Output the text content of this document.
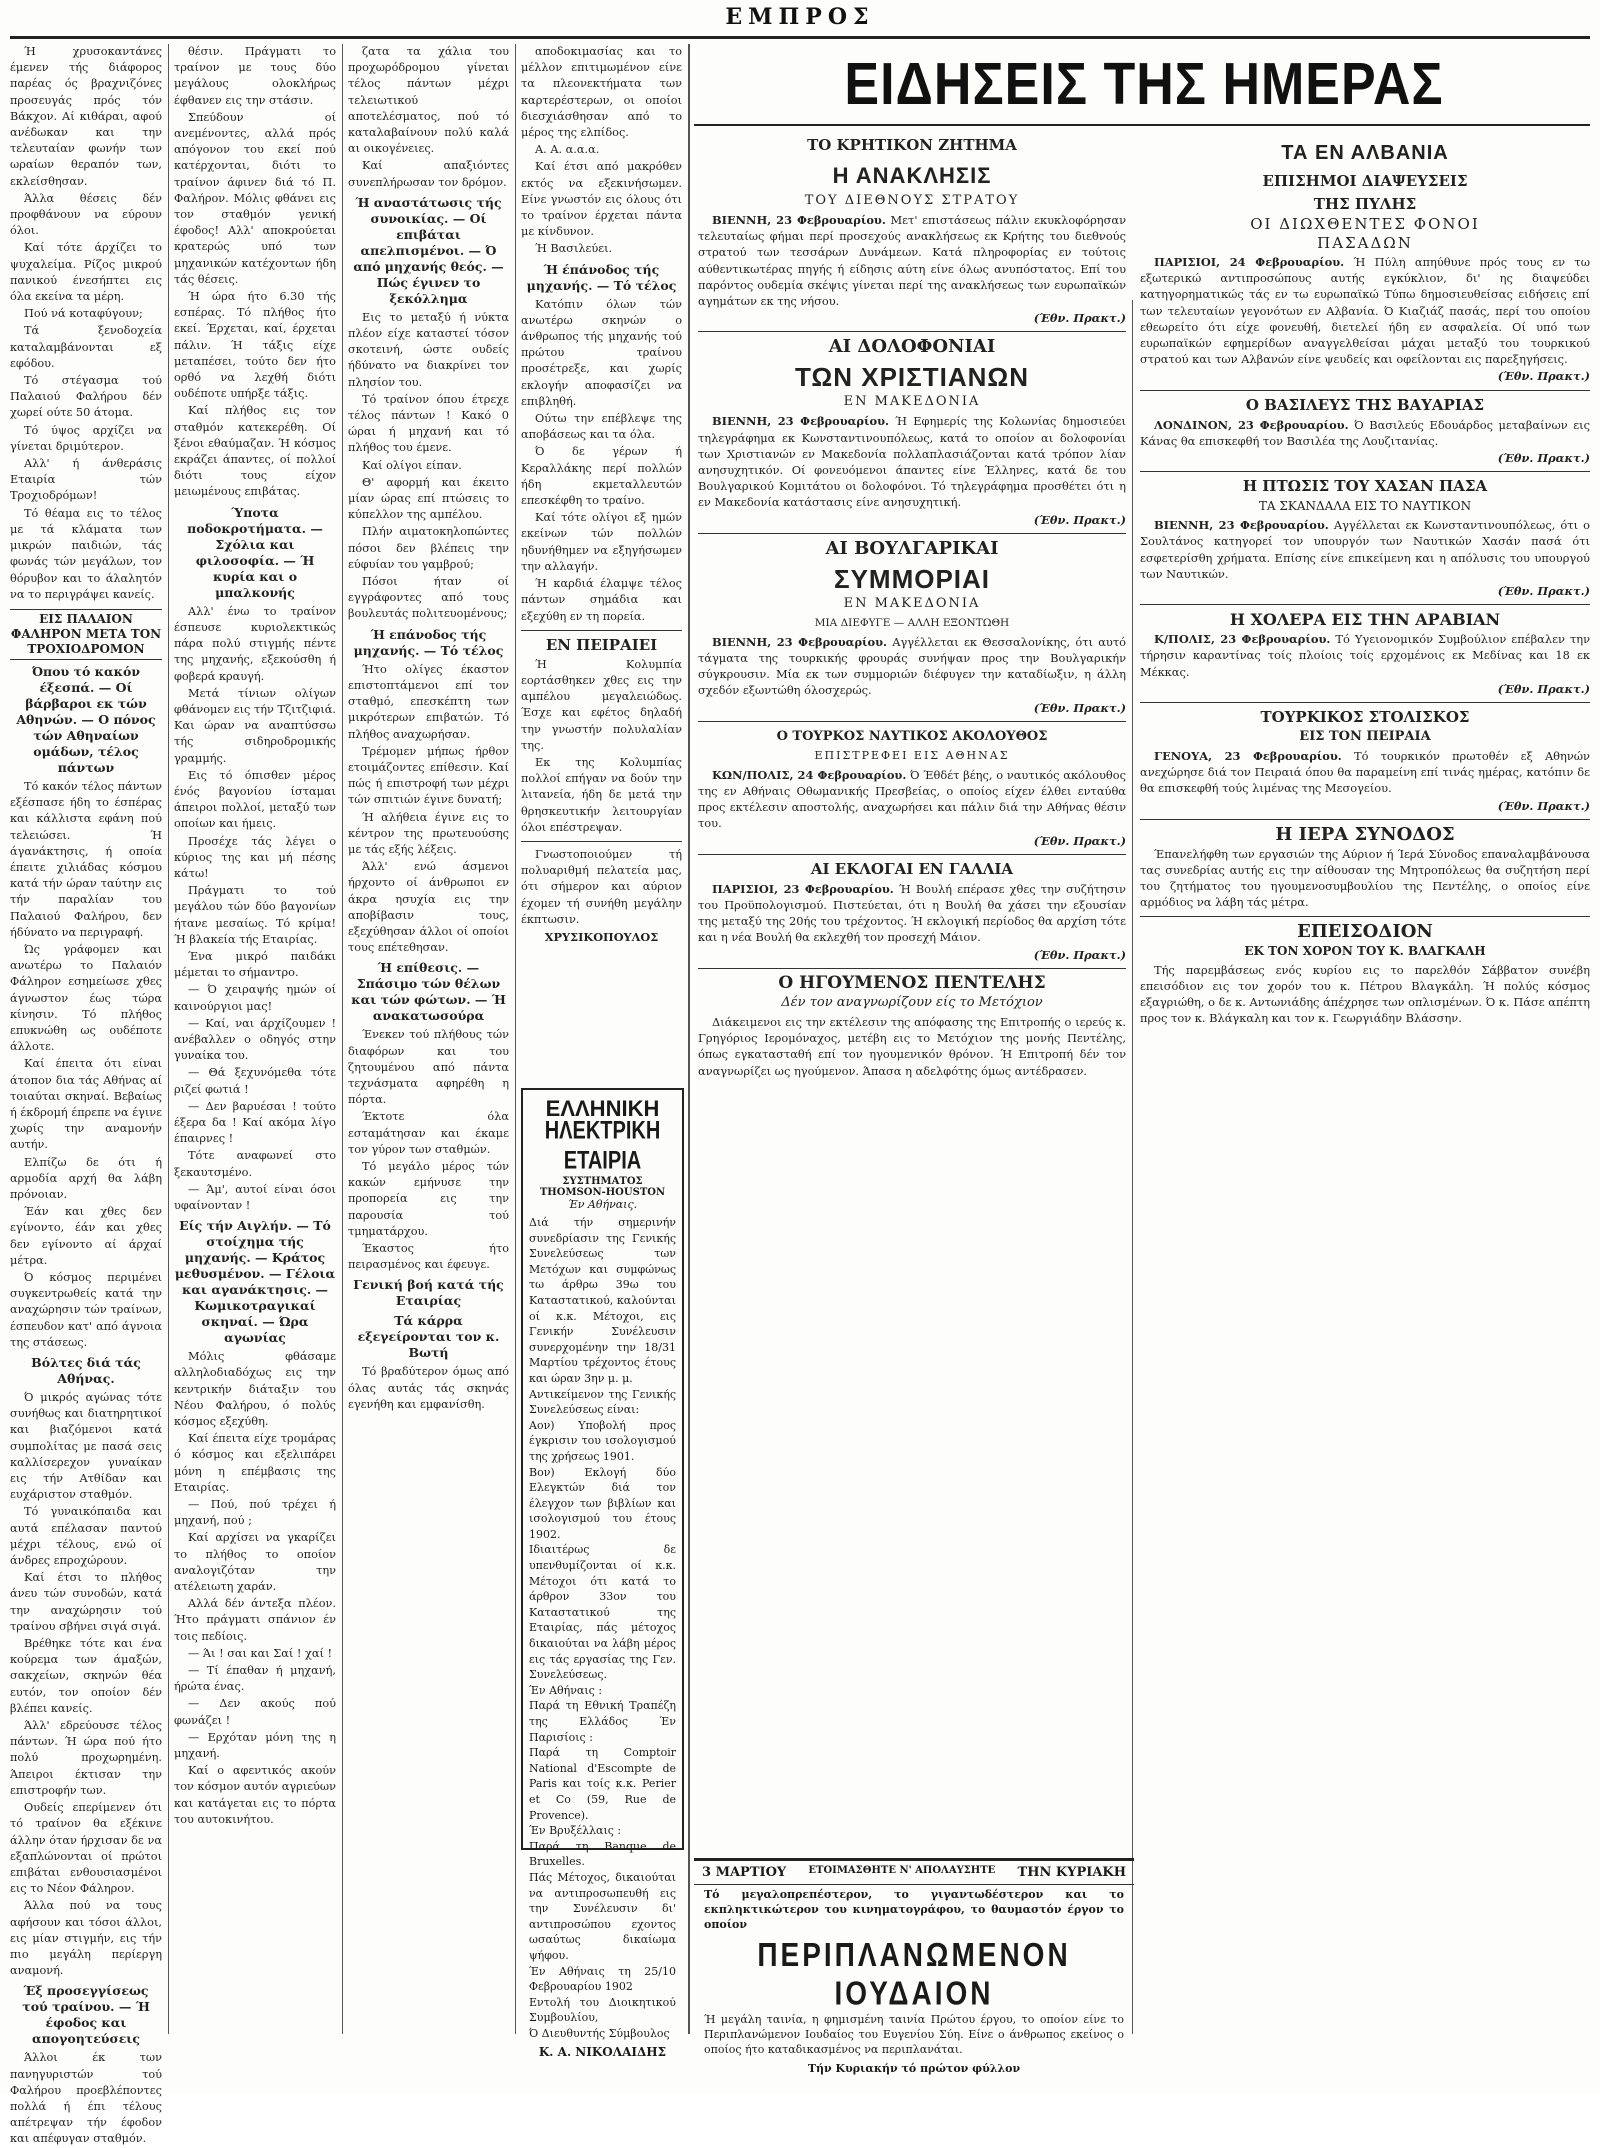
ΕΜΠΡΟΣ

Ή χρυσοκαντάνες έμενεν τής διάφορος παρέας ός βραχνιζόνες προσευγάς πρός τόν Βάκχον. Αί κιθάραι, αφού ανέδωκαν και την τελευταίαν φωνήν των ωραίων θεραπόν των, εκλείσθησαν.

Άλλα θέσεις δέν προφθάνουν να εύρουν όλοι.

Καί τότε άρχίζει το ψυχαλείμα. Ρίζος μικρού πανικού ένεσήπτει εις όλα εκείνα τα μέρη.

Πού νά κοταφύγουν;

Τά ξενοδοχεία καταλαμβάνονται εξ εφόδου.

Τό στέγασμα τού Παλαιού Φαλήρου δέν χωρεί ούτε 50 άτομα.

Τό ύψος αρχίζει να γίνεται δριμύτερον.

Αλλ' ή άνθεράσις Εταιρία τών Τροχιοδρόμων!

Τό θέαμα εις το τέλος με τά κλάματα των μικρών παιδιών, τάς φωνάς τών μεγάλων, τον θόρυβον και το άλαλητόν να το περιγράψει κανείς.

ΕΙΣ ΠΑΛΑΙΟΝ ΦΑΛΗΡΟΝ ΜΕΤΑ ΤΟΝ ΤΡΟΧΙΟΔΡΟΜΟΝ
Όπου τό κακόν έξεσπά. — Οί βάρβαροι εκ τών Αθηνών. — Ο πόνος τών Αθηναίων ομάδων, τέλος πάντων

Τό κακόν τέλος πάντων εξέσπασε ήδη το έσπέρας και κάλλιστα εφάνη πού τελειώσει. Ή άγανάκτησις, ή οποία έπειτε χιλιάδας κόσμου κατά τήν ώραν ταύτην εις τήν παραλίαν του Παλαιού Φαλήρου, δεν ήδύνατο να περιγραφή.

Ώς γράφομεν και ανωτέρω το Παλαιόν Φάληρον εσημείωσε χθες άγνωστον έως τώρα κίνησιν. Τό πλήθος επυκνώθη ως ουδέποτε άλλοτε.

Καί έπειτα ότι είναι άτοπον δια τάς Αθήνας αί τοιαύται σκηναί. Βεβαίως ή έκδρομή έπρεπε να έγινε χωρίς την αναμονήν αυτήν.

Ελπίζω δε ότι ή αρμοδία αρχή θα λάβη πρόνοιαν.

Έάν και χθες δεν εγίνοντο, έάν και χθες δεν εγίνοντο αί άρχαί μέτρα.

Ό κόσμος περιμένει συγκεντρωθείς κατά την αναχώρησιν τών τραίνων, έσπευδον κατ' από άγνοια της στάσεως.

Βόλτες διά τάς Αθήνας.

Ό μικρός αγώνας τότε συνήθως και διατηρητικοί και βιαζόμενοι κατά συμπολίτας με πασά σεις καλλίσερεχον γυναίκαν εις τήν Ατθίδαν και ευχάριστον σταθμόν.

Τό γυναικόπαιδα και αυτά επέλασαν παντού μέχρι τέλους, ενώ οί άνδρες επροχώρουν.

Καί έτσι το πλήθος άνευ τών συνοδών, κατά την αναχώρησιν τού τραίνου σβήνει σιγά σιγά.

Βρέθηκε τότε και ένα κούρεμα των άμαξών, σακχείων, σκηνών θέα ευτόν, τον οποίον δέν βλέπει κανείς.

Άλλ' εδρεύουσε τέλος πάντων. Ή ώρα πού ήτο πολύ προχωρημένη. Άπειροι έκτισαν την επιστροφήν των.

Ουδείς επερίμενεν ότι τό τραίνον θα εξέκινε άλλην όταν ήρχισαν δε να εξαπλώνονται οί πρώτοι επιβάται ενθουσιασμένοι εις το Νέον Φάληρον.

Άλλα πού να τους αφήσουν και τόσοι άλλοι, εις μίαν στιγμήν, εις τήν πιο μεγάλη περίεργη αναμονή.

Έξ προσεγγίσεως τού τραίνου. — Ή έφοδος και απογοητεύσεις

Άλλοι έκ των πανηγυριστών τού Φαλήρου προεβλέποντες πολλά ή έπι τέλους απέτρεψαν τήν έφοδον και απέφυγαν σταθμόν.

θέσιν. Πράγματι το τραίνον με τους δύο μεγάλους ολοκλήρως έφθανεν εις την στάσιν.

Σπεύδουν οί ανεμένοντες, αλλά πρός απόγονον του εκεί πού κατέρχονται, διότι το τραίνον άφινεν διά τό Π. Φαλήρον. Μόλις φθάνει εις τον σταθμόν γενική έφοδος! Αλλ' αποκρούεται κρατερώς υπό των μηχανικών κατέχοντων ήδη τάς θέσεις.

Ή ώρα ήτο 6.30 τής εσπέρας. Τό πλήθος ήτο εκεί. Έρχεται, καί, έρχεται πάλιν. Ή τάξις είχε μεταπέσει, τούτο δεν ήτο ορθό να λεχθή διότι ουδέποτε υπήρξε τάξις.

Καί πλήθος εις τον σταθμόν κατεκερέθη. Οί ξένοι εθαύμαζαν. Ή κόσμος εκράζει άπαντες, οί πολλοί διότι τους είχον μειωμένους επιβάτας.

Ύποτα ποδοκροτήματα. — Σχόλια και φιλοσοφία. — Ή κυρία και ο μπαλκονής

Αλλ' ένω το τραίνον έσπευσε κυριολεκτικώς πάρα πολύ στιγμής πέντε της μηχανής, εξεκούσθη ή φοβερά κραυγή.

Μετά τίνιων ολίγων φθάνομεν εις τήν Τζιτζιφιά. Και ώραν να αναπτύσσω τής σιδηροδρομικής γραμμής.

Εις τό όπισθεν μέρος ένός βαγονίου ίσταμαι άπειροι πολλοί, μεταξύ των οποίων και ήμεις.

Προσέχε τάς λέγει ο κύριος της και μή πέσης κάτω!

Πράγματι το τού μεγάλου τών δύο βαγονίων ήτανε μεσαίως. Τό κρίμα! Ή βλακεία τής Εταιρίας.

Ένα μικρό παιδάκι μέμεται το σήμαντρο.

— Ό χειραψής ημών οί καινούργιοι μας!

— Καί, ναι άρχίζουμεν ! ανέβαλλεν ο οδηγός στην γυναίκα του.

— Θά ξεχυνόμεθα τότε ριζεί φωτιά !

— Δεν βαρυέσαι ! τούτο έξερα δα ! Καί ακόμα λίγο έπαιρνες !

Τότε αναφωνεί στο ξεκαυτσμένο.

— Άμ', αυτοί είναι όσοι υφαίνονταν !

Είς τήν Αιγλήν. — Τό στοίχημα τής μηχανής. — Κράτος μεθυσμένον. — Γέλοια και αγανάκτησις. — Κωμικοτραγικαί σκηναί. — Ώρα αγωνίας

Μόλις φθάσαμε αλληλοδιαδόχως εις την κεντρικήν διάταξιν του Νέου Φαλήρου, ό πολύς κόσμος εξεχύθη.

Καί έπειτα είχε τρομάρας ό κόσμος και εξελιπάρει μόνη η επέμβασις της Εταιρίας.

— Πού, πού τρέχει ή μηχανή, πού ;

Καί αρχίσει να γκαρίζει το πλήθος το οποίον αναλογιζόταν την ατέλειωτη χαράν.

Αλλά δέν άντεξα πλέον. Ήτο πράγματι σπάνιον έν τοις πεδίοις.

— Άι ! σαι και Σαί ! χαί !

— Τί έπαθαν ή μηχανή, ήρώτα ένας.

— Δεν ακούς πού φωνάζει !

— Ερχόταν μόνη της η μηχανή.

Καί ο αφεντικός ακούν τον κόσμον αυτόν αγριεύων και κατάγεται εις το πόρτα του αυτοκινήτου.

ζατα τα χάλια του προχωρόδρομου γίνεται τέλος πάντων μέχρι τελειωτικού αποτελέσματος, πού τό καταλαβαίνουν πολύ καλά αι οικογένειες.

Καί απαξιόντες συνεπλήρωσαν τον δρόμον.

Ή αναστάτωσις τής συνοικίας. — Οί επιβάται απελπισμένοι. — Ό από μηχανής θεός. — Πώς έγινεν το ξεκόλλημα

Εις το μεταξύ ή νύκτα πλέον είχε καταστεί τόσον σκοτεινή, ώστε ουδείς ήδύνατο να διακρίνει τον πλησίον του.

Τό τραίνον όπου έτρεχε τέλος πάντων ! Κακό 0 ώραι ή μηχανή και τό πλήθος του έμενε.

Καί ολίγοι είπαν.

Θ' αφορμή και έκειτο μίαν ώρας επί πτώσεις το κύπελλον της αμπέλου.

Πλήν αιματοκηλοπώντες πόσοι δεν βλέπεις την εύφυίαν του γαμβρού;

Πόσοι ήταν οί εγγράφοντες από τους βουλευτάς πολιτευομένους;

Ή επάνοδος τής μηχανής. — Τό τέλος

Ήτο ολίγες έκαστον επιστοπτάμενοι επί τον σταθμό, επεσκέπτη των μικρότερων επιβατών. Τό πλήθος αναχωρήσαν.

Τρέμομεν μήπως ήρθον ετοιμάζοντες επίθεσιν. Καί πώς ή επιστροφή των μέχρι τών σπιτιών έγινε δυνατή;

Ή αλήθεια έγινε εις το κέντρον της πρωτευούσης με τάς εξής λέξεις.

Άλλ' ενώ άσμενοι ήρχοντο οί άνθρωποι εν άκρα ησυχία εις την αποβίβασιν τους, εξεχύθησαν άλλοι οί οποίοι τους επέτεθησαν.

Ή επίθεσις. — Σπάσιμο τών θέλων και τών φώτων. — Ή ανακατωσούρα

Ένεκεν τού πλήθους τών διαφόρων και του ζητουμένου από πάντα τεχνάσματα αφηρέθη η πόρτα.

Έκτοτε όλα εσταμάτησαν και έκαμε τον γύρον των σταθμών.

Τό μεγάλο μέρος τών κακών εμήνυσε την προπορεία εις την παρουσία τού τμηματάρχου.

Έκαστος ήτο πειρασμένος και έφευγε.

Γενική βοή κατά τής Εταιρίας
Τά κάρρα εξεγείρονται τον κ. Βωτή

Τό βραδύτερον όμως από όλας αυτάς τάς σκηνάς εγενήθη και εμφανίσθη.

αποδοκιμασίας και το μέλλον επιτιμωμένον είνε τα πλεονεκτήματα των καρτερέστερων, οι οποίοι διεσχιάσθησαν από το μέρος της ελπίδος.

Α. Α. α.α.α.

Καί έτσι από μακρόθεν εκτός να εξεκινήσωμεν. Είνε γνωστόν εις όλους ότι το τραίνον έρχεται πάντα με κίνδυνον.

Ή Βασιλεύει.

Ή έπάνοδος τής μηχανής. — Τό τέλος

Κατόπιν όλων τών ανωτέρω σκηνών ο άνθρωπος τής μηχανής τού πρώτου τραίνου προσέτρεξε, και χωρίς εκλογήν αποφασίζει να επιβληθή.

Ούτω την επέβλεψε της αποβάσεως και τα όλα.

Ό δε γέρων ή Κεραλλάκης περί πολλών ήδη εκμεταλλευτών επεσκέφθη το τραίνο.

Καί τότε ολίγοι εξ ημών εκείνων τών πολλών ηδυνήθημεν να εξηγήσωμεν την αλλαγήν.

Ή καρδιά έλαμψε τέλος πάντων σημάδια και εξεχύθη εν τη πορεία.

ΕΝ ΠΕΙΡΑΙΕΙ

Ή Κολυμπία εορτάσθηκεν χθες εις την αμπέλου μεγαλειώδως. Έσχε και εφέτος δηλαδή την γνωστήν πολυλαλίαν της.

Εκ της Κολυμπίας πολλοί επήγαν να δούν την λιτανεία, ήδη δε μετά την θρησκευτικήν λειτουργίαν όλοι επέστρεψαν.

Γνωστοποιούμεν τή πολυαριθμή πελατεία μας, ότι σήμερον και αύριον έχομεν τή συνήθη μεγάλην έκπτωσιν.

ΧΡΥΣΙΚΟΠΟΥΛΟΣ
ΕΛΛΗΝΙΚΗ
ΗΛΕΚΤΡΙΚΗ ΕΤΑΙΡΙΑ
ΣΥΣΤΗΜΑΤΟΣ THOMSON-HOUSTON
Έν Αθήναις.

Διά τήν σημερινήν συνεδρίασιν της Γενικής Συνελεύσεως των Μετόχων και συμφώνως τω άρθρω 39ω του Καταστατικού, καλούνται οί κ.κ. Μέτοχοι, εις Γενικήν Συνέλευσιν συνερχομένην την 18/31 Μαρτίου τρέχοντος έτους και ώραν 3ην μ. μ.

Αντικείμενον της Γενικής Συνελεύσεως είναι:

Αον) Υποβολή προς έγκρισιν του ισολογισμού της χρήσεως 1901.

Βον) Εκλογή δύο Ελεγκτών διά τον έλεγχον των βιβλίων και ισολογισμού του έτους 1902.

Ιδιαιτέρως δε υπενθυμίζονται οί κ.κ. Μέτοχοι ότι κατά το άρθρον 33ον του Καταστατικού της Εταιρίας, πάς μέτοχος δικαιούται να λάβη μέρος εις τάς εργασίας της Γεν. Συνελεύσεως.

Έν Αθήναις :

Παρά τη Εθνική Τραπέζη της Ελλάδος Έν Παρισίοις :

Παρά τη Comptoir National d'Escompte de Paris και τοίς κ.κ. Perier et Co (59, Rue de Provence).

Έν Βρυξέλλαις :

Παρά τη Banque de Bruxelles.

Πάς Μέτοχος, δικαιούται να αντιπροσωπευθή εις την Συνέλευσιν δι' αντιπροσώπου εχοντος ωσαύτως δικαίωμα ψήφου.

Έν Αθήναις τη 25/10 Φεβρουαρίου 1902

Εντολή του Διοικητικού Συμβουλίου,

Ό Διευθυντής Σύμβουλος

Κ. Α. ΝΙΚΟΛΑΙΔΗΣ
ΕΙΔΗΣΕΙΣ ΤΗΣ ΗΜΕΡΑΣ
ΤΟ ΚΡΗΤΙΚΟΝ ΖΗΤΗΜΑ
Η ΑΝΑΚΛΗΣΙΣ
ΤΟΥ ΔΙΕΘΝΟΥΣ ΣΤΡΑΤΟΥ

ΒΙΕΝΝΗ, 23 Φεβρουαρίου. Μετ' επιστάσεως πάλιν εκυκλοφόρησαν τελευταίως φήμαι περί προσεχούς ανακλήσεως εκ Κρήτης του διεθνούς στρατού των τεσσάρων Δυνάμεων. Κατά πληροφορίας εν τούτοις αύθεντικωτέρας πηγής ή είδησις αύτη είνε όλως ανυπόστατος. Επί του παρόντος ουδεμία σκέψις γίνεται περί της ανακλήσεως των ευρωπαϊκών αγημάτων εκ της νήσου.

(Έθν. Πρακτ.)
ΑΙ ΔΟΛΟΦΟΝΙΑΙ
ΤΩΝ ΧΡΙΣΤΙΑΝΩΝ
ΕΝ ΜΑΚΕΔΟΝΙΑ

ΒΙΕΝΝΗ, 23 Φεβρουαρίου. Ή Εφημερίς της Κολωνίας δημοσιεύει τηλεγράφημα εκ Κωνσταντινουπόλεως, κατά το οποίον αι δολοφονίαι των Χριστιανών εν Μακεδονία πολλαπλασιάζονται κατά τρόπον λίαν ανησυχητικόν. Οί φονευόμενοι άπαντες είνε Έλληνες, κατά δε του Βουλγαρικού Κομιτάτου οι δολοφόνοι. Τό τηλεγράφημα προσθέτει ότι η εν Μακεδονία κατάστασις είνε ανησυχητική.

(Έθν. Πρακτ.)
ΑΙ ΒΟΥΛΓΑΡΙΚΑΙ
ΣΥΜΜΟΡΙΑΙ
ΕΝ ΜΑΚΕΔΟΝΙΑ
ΜΙΑ ΔΙΕΦΥΓΕ — ΑΛΛΗ ΕΞΟΝΤΩΘΗ

ΒΙΕΝΝΗ, 23 Φεβρουαρίου. Αγγέλλεται εκ Θεσσαλονίκης, ότι αυτό τάγματα της τουρκικής φρουράς συνήψαν προς την Βουλγαρικήν σύγκρουσιν. Μία εκ των συμμοριών διέφυγεν την καταδίωξιν, η άλλη σχεδόν εξωντώθη όλοσχερώς.

(Έθν. Πρακτ.)
Ο ΤΟΥΡΚΟΣ ΝΑΥΤΙΚΟΣ ΑΚΟΛΟΥΘΟΣ
ΕΠΙΣΤΡΕΦΕΙ ΕΙΣ ΑΘΗΝΑΣ

ΚΩΝ/ΠΟΛΙΣ, 24 Φεβρουαρίου. Ό Έθδέτ βέης, ο ναυτικός ακόλουθος της εν Αθήναις Οθωμανικής Πρεσβείας, ο οποίος είχεν έλθει ενταύθα προς εκτέλεσιν αποστολής, αναχωρήσει και πάλιν διά την Αθήνας θέσιν του.

(Έθν. Πρακτ.)
ΑΙ ΕΚΛΟΓΑΙ ΕΝ ΓΑΛΛΙΑ

ΠΑΡΙΣΙΟΙ, 23 Φεβρουαρίου. Ή Βουλή επέρασε χθες την συζήτησιν του Προϋπολογισμού. Πιστεύεται, ότι η Βουλή θα χάσει την εξουσίαν της μεταξύ της 20ής του τρέχοντος. Ή εκλογική περίοδος θα αρχίση τότε και η νέα Βουλή θα εκλεχθή τον προσεχή Μάιον.

(Έθν. Πρακτ.)
Ο ΗΓΟΥΜΕΝΟΣ ΠΕΝΤΕΛΗΣ
Δέν τον αναγνωρίζουν είς το Μετόχιον

Διάκειμενοι εις την εκτέλεσιν της απόφασης της Επιτροπής ο ιερεύς κ. Γρηγόριος Ιερομόναχος, μετέβη εις το Μετόχιον της μονής Πεντέλης, όπως εγκατασταθή επί τον ηγουμενικόν θρόνον. Ή Επιτροπή δέν τον αναγνωρίζει ως ηγούμενον. Άπασα η αδελφότης όμως αντέδρασεν.

ΤΑ ΕΝ ΑΛΒΑΝΙΑ
ΕΠΙΣΗΜΟΙ ΔΙΑΨΕΥΣΕΙΣ
ΤΗΣ ΠΥΛΗΣ
ΟΙ ΔΙΩΧΘΕΝΤΕΣ ΦΟΝΟΙ
ΠΑΣΑΔΩΝ

ΠΑΡΙΣΙΟΙ, 24 Φεβρουαρίου. Ή Πύλη απηύθυνε πρός τους εν τω εξωτερικώ αντιπροσώπους αυτής εγκύκλιον, δι' ης διαψεύδει κατηγορηματικώς τάς εν τω ευρωπαϊκώ Τύπω δημοσιευθείσας ειδήσεις επί των τελευταίων γεγονότων εν Αλβανία. Ό Κιαζιάζ πασάς, περί του οποίου εθεωρείτο ότι είχε φονευθή, διετελεί ήδη εν ασφαλεία. Οί υπό των ευρωπαϊκών εφημερίδων αναγγελθείσαι μάχαι μεταξύ του τουρκικού στρατού και των Αλβανών είνε ψευδείς και οφείλονται εις παρεξηγήσεις.

(Έθν. Πρακτ.)
Ο ΒΑΣΙΛΕΥΣ ΤΗΣ ΒΑΥΑΡΙΑΣ

ΛΟΝΔΙΝΟΝ, 23 Φεβρουαρίου. Ό Βασιλεύς Εδουάρδος μεταβαίνων εις Κάνας θα επισκεφθή τον Βασιλέα της Λουζιτανίας.

(Έθν. Πρακτ.)
Η ΠΤΩΣΙΣ ΤΟΥ ΧΑΣΑΝ ΠΑΣΑ
ΤΑ ΣΚΑΝΔΑΛΑ ΕΙΣ ΤΟ ΝΑΥΤΙΚΟΝ

ΒΙΕΝΝΗ, 23 Φεβρουαρίου. Αγγέλλεται εκ Κωνσταντινουπόλεως, ότι ο Σουλτάνος κατηγορεί τον υπουργόν των Ναυτικών Χασάν πασά ότι εσφετερίσθη χρήματα. Επίσης είνε επικείμενη και η απόλυσις του υπουργού των Ναυτικών.

(Έθν. Πρακτ.)
Η ΧΟΛΕΡΑ ΕΙΣ ΤΗΝ ΑΡΑΒΙΑΝ

Κ/ΠΟΛΙΣ, 23 Φεβρουαρίου. Τό Υγειονομικόν Συμβούλιον επέβαλεν την τήρησιν καραντίνας τοίς πλοίοις τοίς ερχομένοις εκ Μεδίνας και 18 εκ Μέκκας.

(Έθν. Πρακτ.)
ΤΟΥΡΚΙΚΟΣ ΣΤΟΛΙΣΚΟΣ
ΕΙΣ ΤΟΝ ΠΕΙΡΑΙΑ

ΓΕΝΟΥΑ, 23 Φεβρουαρίου. Τό τουρκικόν πρωτοθέν εξ Αθηνών ανεχώρησε διά τον Πειραιά όπου θα παραμείνη επί τινάς ημέρας, κατόπιν δε θα επισκεφθή τούς λιμένας της Μεσογείου.

(Έθν. Πρακτ.)
Η ΙΕΡΑ ΣΥΝΟΔΟΣ

Έπανελήφθη των εργασιών της Αύριον ή Ίερά Σύνοδος επαναλαμβάνουσα τας συνεδρίας αυτής εις την αίθουσαν της Μητροπόλεως θα συζητήση περί του ζητήματος του ηγουμενοσυμβουλίου της Πεντέλης, ο οποίος είνε αρμόδιος να λάβη τάς μέτρα.

ΕΠΕΙΣΟΔΙΟΝ
ΕΚ ΤΟΝ ΧΟΡΟΝ ΤΟΥ Κ. ΒΛΑΓΚΑΛΗ

Τής παρεμβάσεως ενός κυρίου εις το παρελθόν Σάββατον συνέβη επεισόδιον εις τον χορόν του κ. Πέτρου Βλαγκάλη. Ή πολύς κόσμος εξαγριώθη, ο δε κ. Αντωνιάδης άπέχρησε των οπλισμένων. Ό κ. Πάσε απέπτη προς τον κ. Βλάγκαλη και τον κ. Γεωργιάδην Βλάσσην.

3 ΜΑΡΤΙΟΥ ΕΤΟΙΜΑΣΘΗΤΕ Ν' ΑΠΟΛΑΥΣΗΤΕ ΤΗΝ ΚΥΡΙΑΚΗ
Τό μεγαλοπρεπέστερον, το γιγαντωδέστερον και το εκπληκτικώτερον του κινηματογράφου, το θαυμαστόν έργον το οποίον
ΠΕΡΙΠΛΑΝΩΜΕΝΟΝ ΙΟΥΔΑΙΟΝ
Ή μεγάλη ταινία, η φημισμένη ταινία Πρώτου έργου, το οποίον είνε το Περιπλανώμενον Ιουδαίος του Ευγενίου Σύη. Είνε ο άνθρωπος εκείνος ο οποίος ήτο καταδικασμένος να περιπλανάται.
Τήν Κυριακήν τό πρώτον φύλλον
